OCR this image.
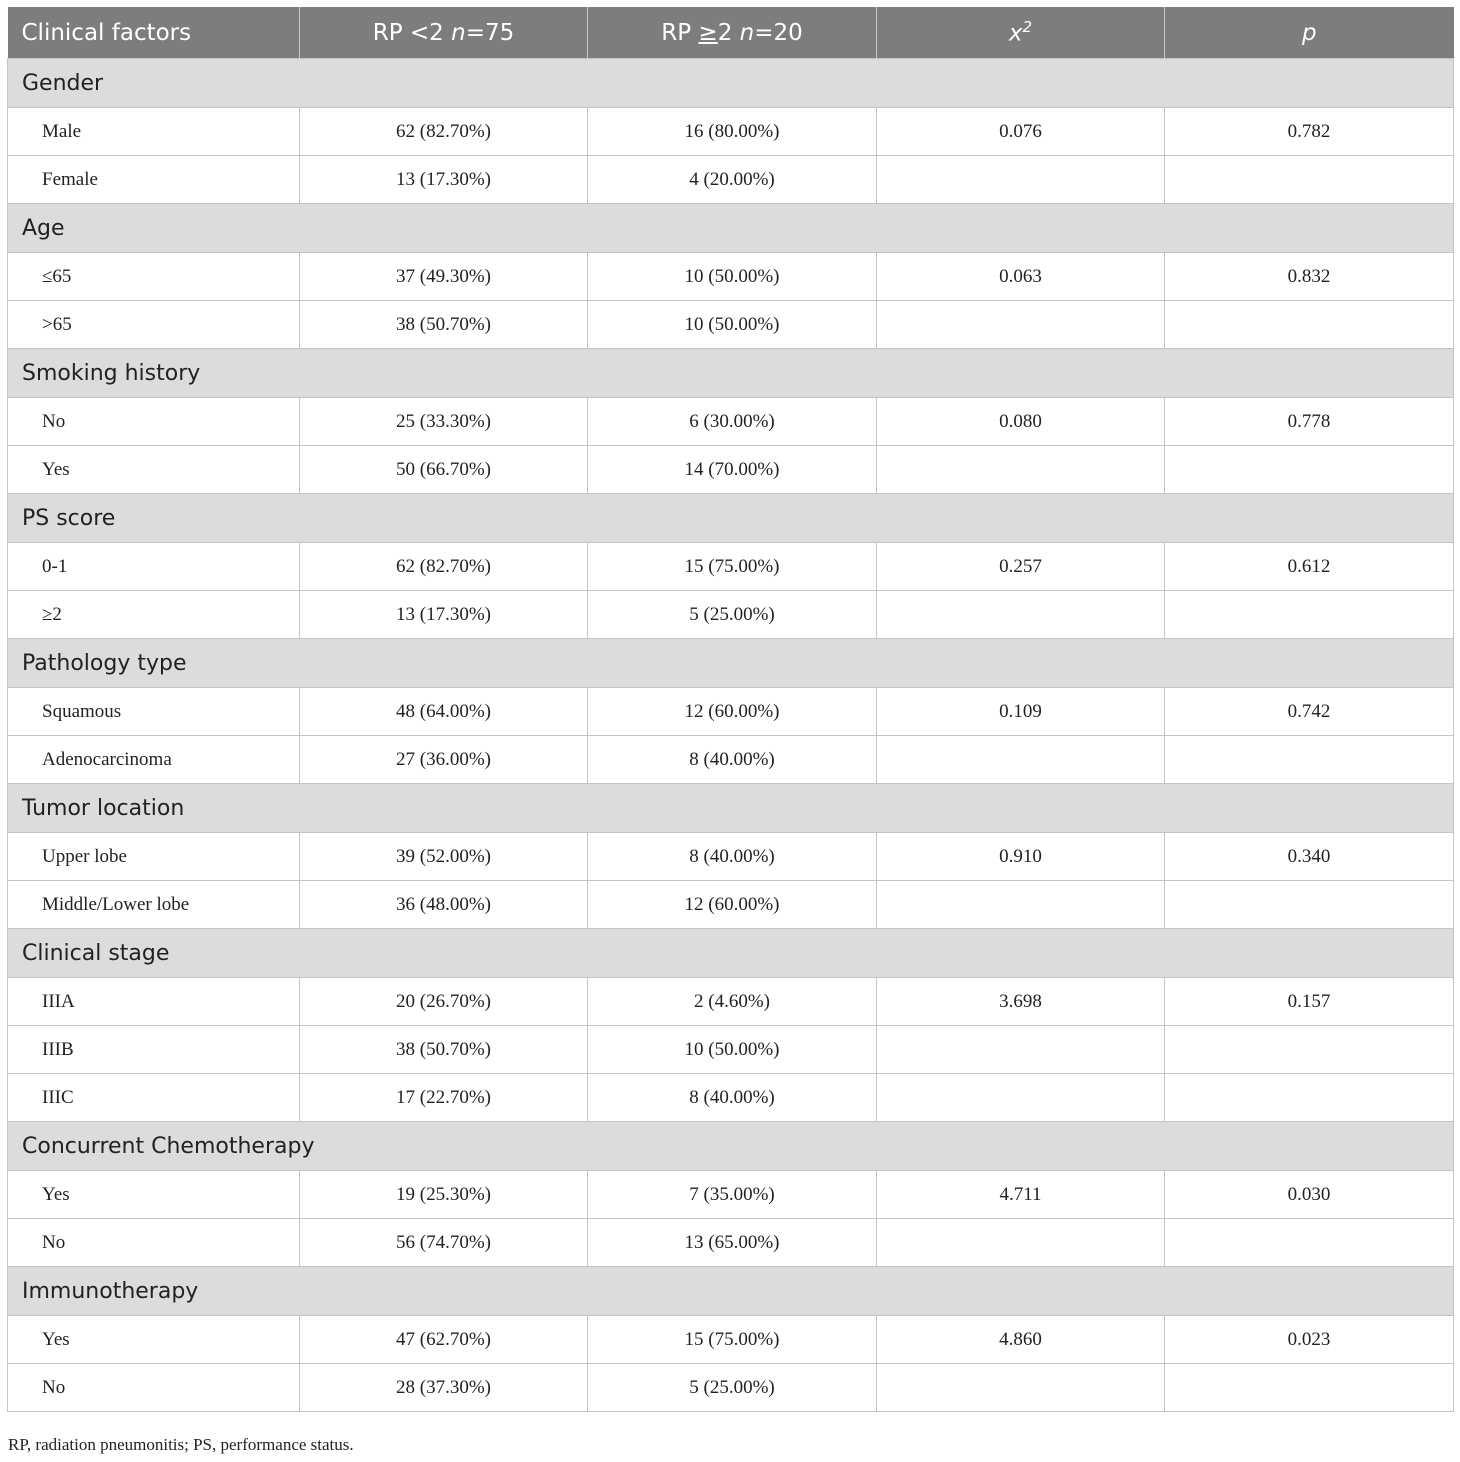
Clinical factors	RP <2 n=75	RP ≥2 n=20	$x^2$	p
Gender				
Male	62 (82.70%)	16 (80.00%)	0.076	0.782
Female	13 (17.30%)	4 (20.00%)		
Age				
≤65	37 (49.30%)	10 (50.00%)	0.063	0.832
>65	38 (50.70%)	10 (50.00%)		
Smoking history				
No	25 (33.30%)	6 (30.00%)	0.080	0.778
Yes	50 (66.70%)	14 (70.00%)		
PS score				
0-1	62 (82.70%)	15 (75.00%)	0.257	0.612
≥2	13 (17.30%)	5 (25.00%)		
Pathology type				
Squamous	48 (64.00%)	12 (60.00%)	0.109	0.742
Adenocarcinoma	27 (36.00%)	8 (40.00%)		
Tumor location				
Upper lobe	39 (52.00%)	8 (40.00%)	0.910	0.340
Middle/Lower lobe	36 (48.00%)	12 (60.00%)		
Clinical stage				
IIIA	20 (26.70%)	2 (4.60%)	3.698	0.157
IIIB	38 (50.70%)	10 (50.00%)		
IIIC	17 (22.70%)	8 (40.00%)		
Concurrent Chemotherapy				
Yes	19 (25.30%)	7 (35.00%)	4.711	0.030
No	56 (74.70%)	13 (65.00%)		
Immunotherapy				
Yes	47 (62.70%)	15 (75.00%)	4.860	0.023
No	28 (37.30%)	5 (25.00%)		
RP, radiation pneumonitis; PS, performance status.
